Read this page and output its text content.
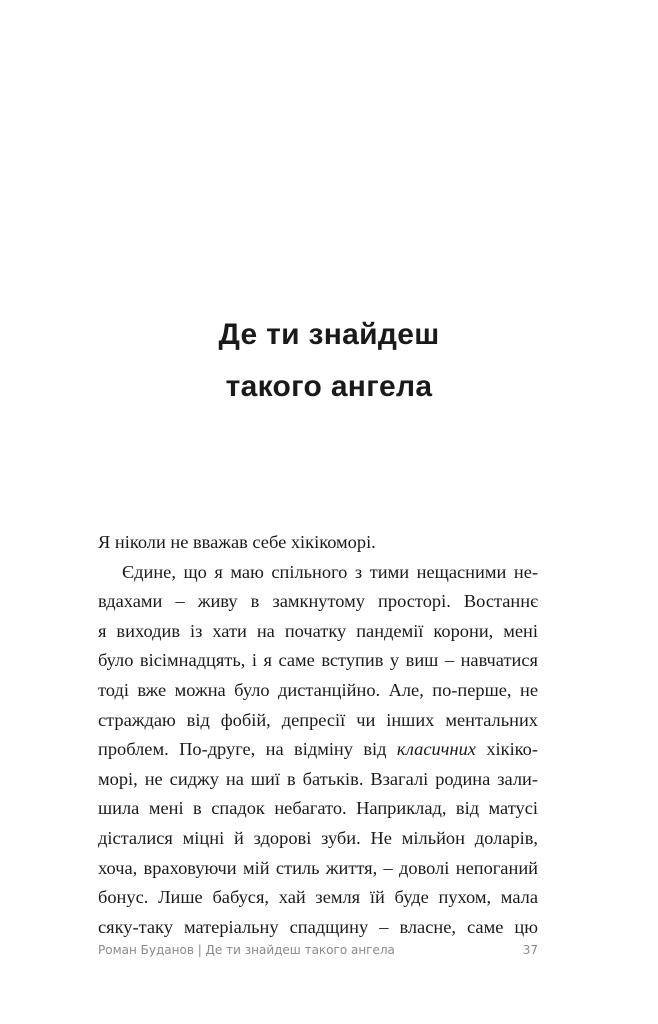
Де ти знайдеш
такого ангела
Я ніколи не вважав себе хікікоморі.
Єдине, що я маю спільного з тими нещасними не-
вдахами – живу в замкнутому просторі. Востаннє
я виходив із хати на початку пандемії корони, мені
було вісімнадцять, і я саме вступив у виш – навчатися
тоді вже можна було дистанційно. Але, по-перше, не
страждаю від фобій, депресії чи інших ментальних
проблем. По-друге, на відміну від класичних хікіко-
морі, не сиджу на шиї в батьків. Взагалі родина зали-
шила мені в спадок небагато. Наприклад, від матусі
дісталися міцні й здорові зуби. Не мільйон доларів,
хоча, враховуючи мій стиль життя, – доволі непоганий
бонус. Лише бабуся, хай земля їй буде пухом, мала
сяку-таку матеріальну спадщину – власне, саме цю
Роман Буданов | Де ти знайдеш такого ангела	37
